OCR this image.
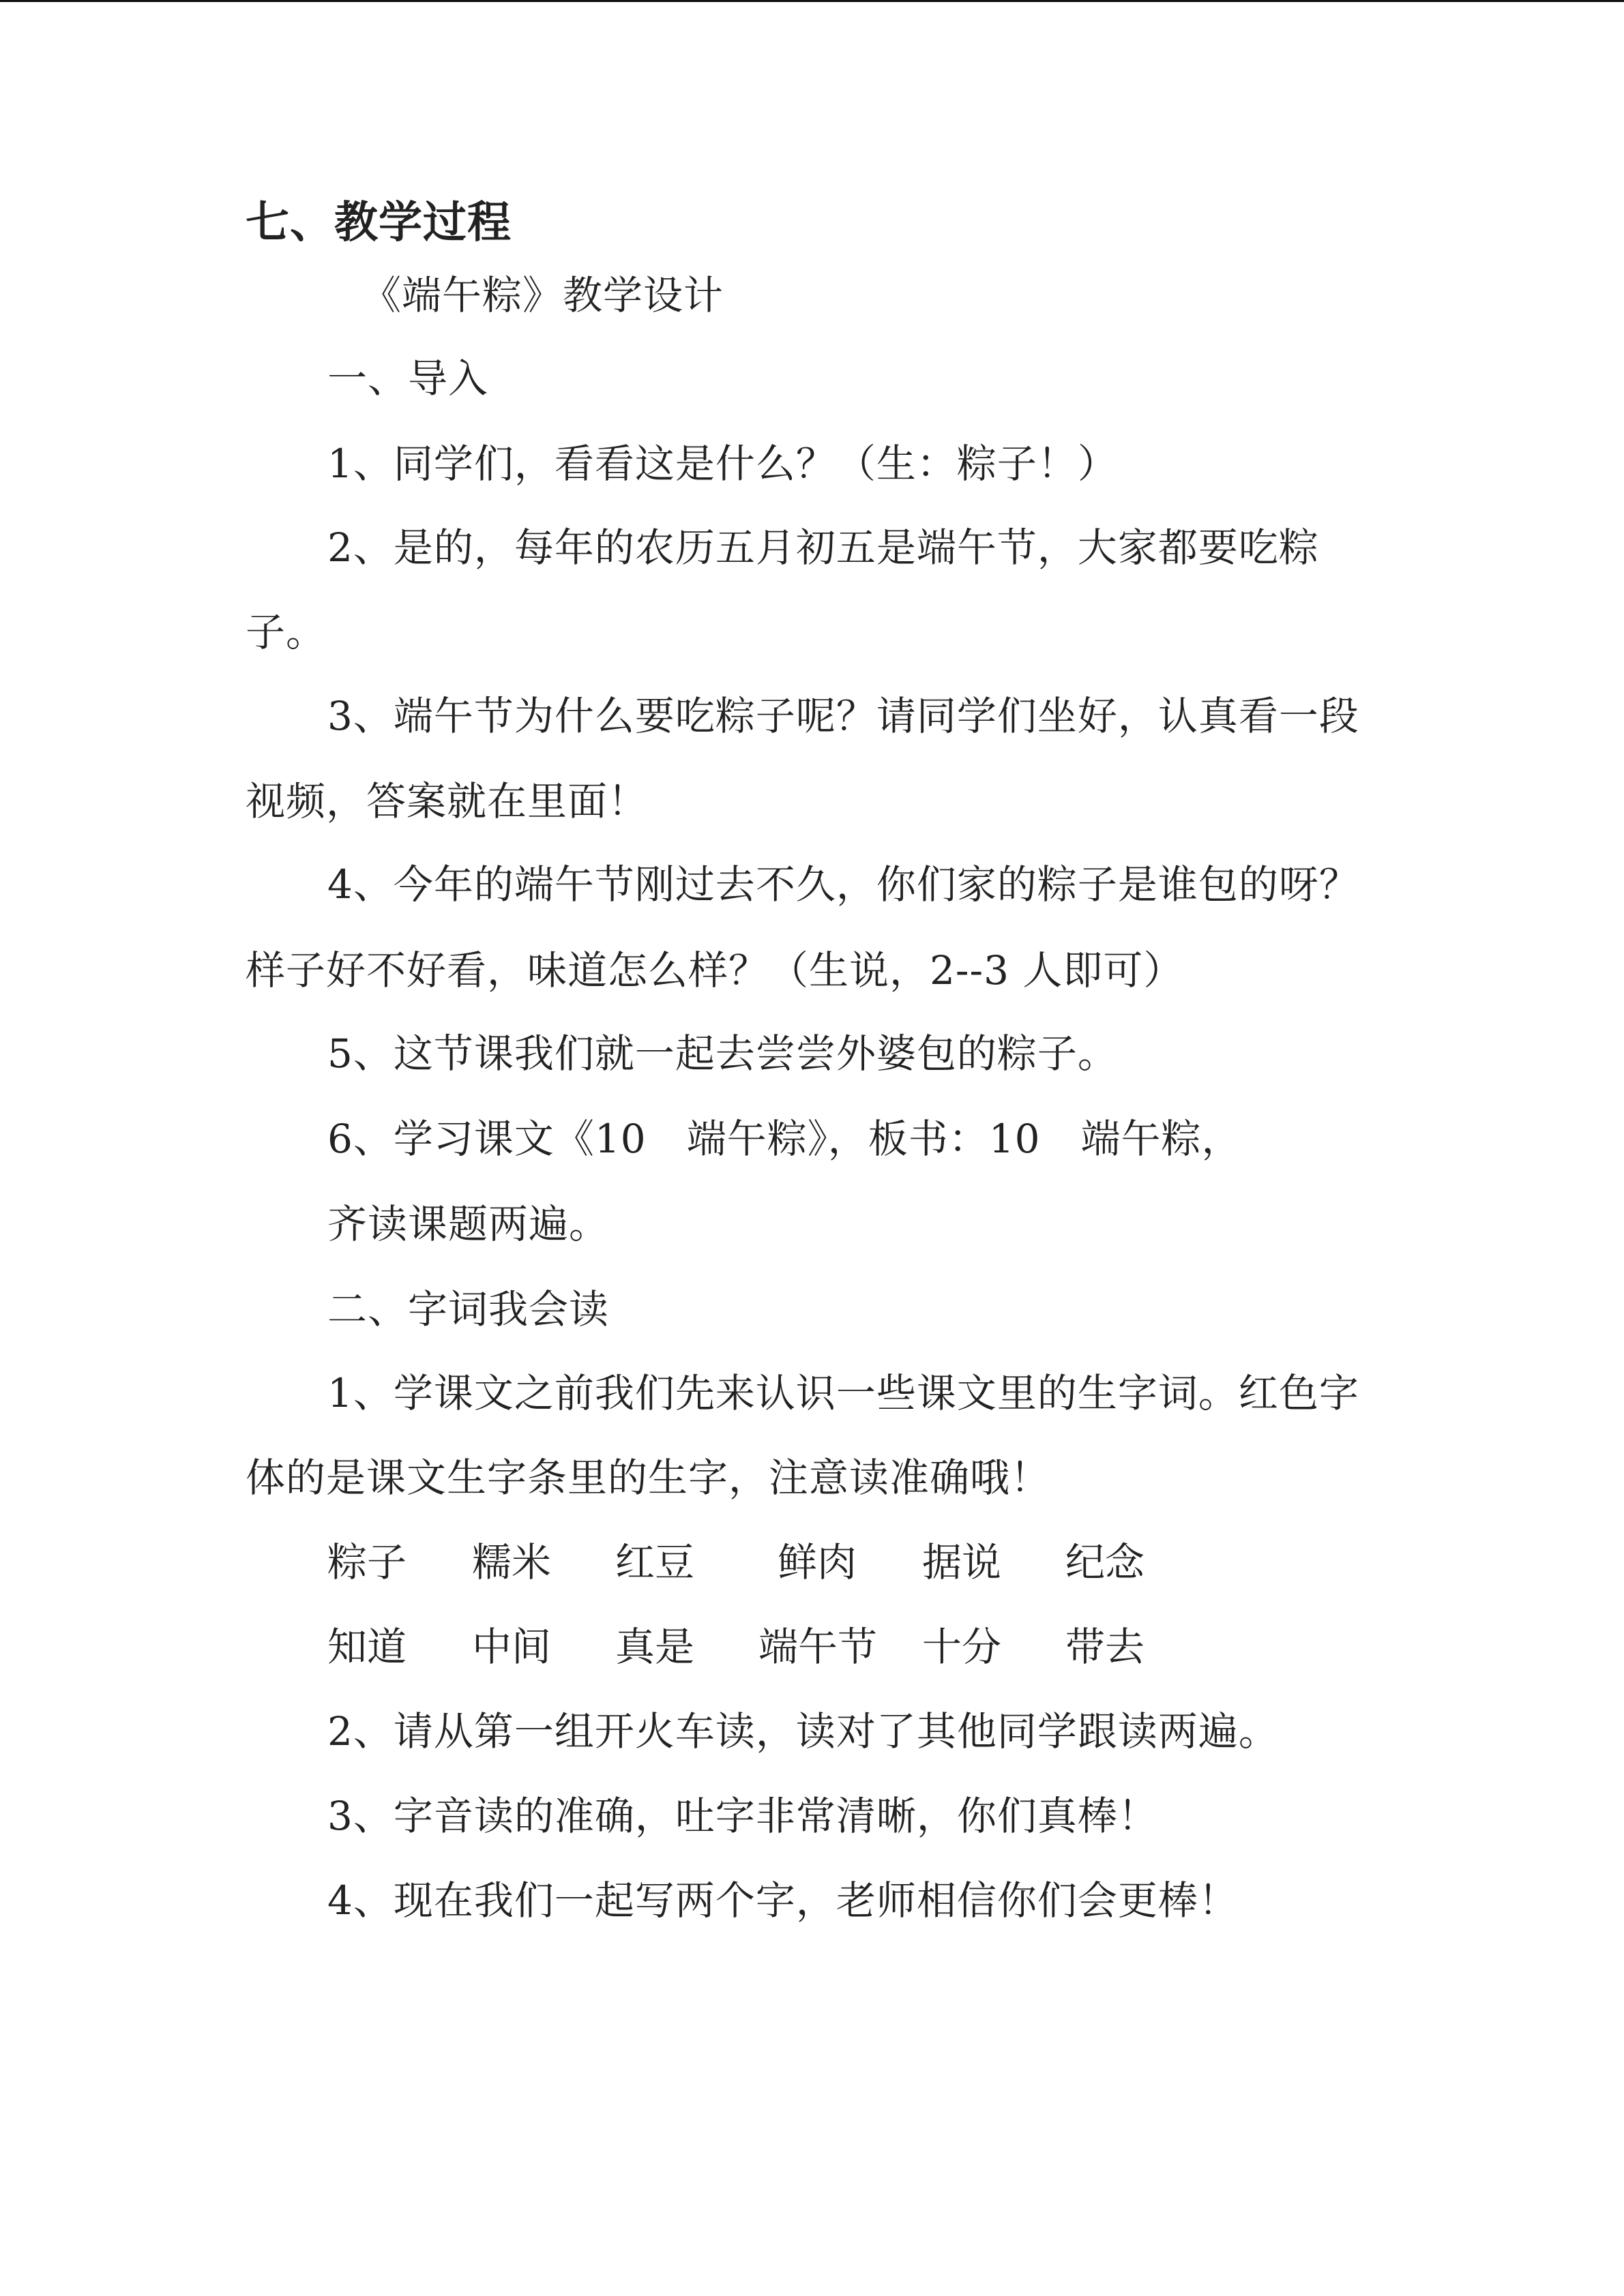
七、教学过程
《端午粽》教学设计
一、导入
1、同学们，看看这是什么？（生：粽子！）
2、是的，每年的农历五月初五是端午节，大家都要吃粽
子。
3、端午节为什么要吃粽子呢？请同学们坐好，认真看一段
视频，答案就在里面！
4、今年的端午节刚过去不久，你们家的粽子是谁包的呀？
样子好不好看，味道怎么样？（生说，2--3 人即可）
5、这节课我们就一起去尝尝外婆包的粽子。
6、学习课文《10　端午粽》，板书：10　端午粽，
齐读课题两遍。
二、字词我会读
1、学课文之前我们先来认识一些课文里的生字词。红色字
体的是课文生字条里的生字，注意读准确哦！
粽子 糯米 红豆 鲜肉 据说 纪念
知道 中间 真是 端午节 十分 带去
2、请从第一组开火车读，读对了其他同学跟读两遍。
3、字音读的准确，吐字非常清晰，你们真棒！
4、现在我们一起写两个字，老师相信你们会更棒！
